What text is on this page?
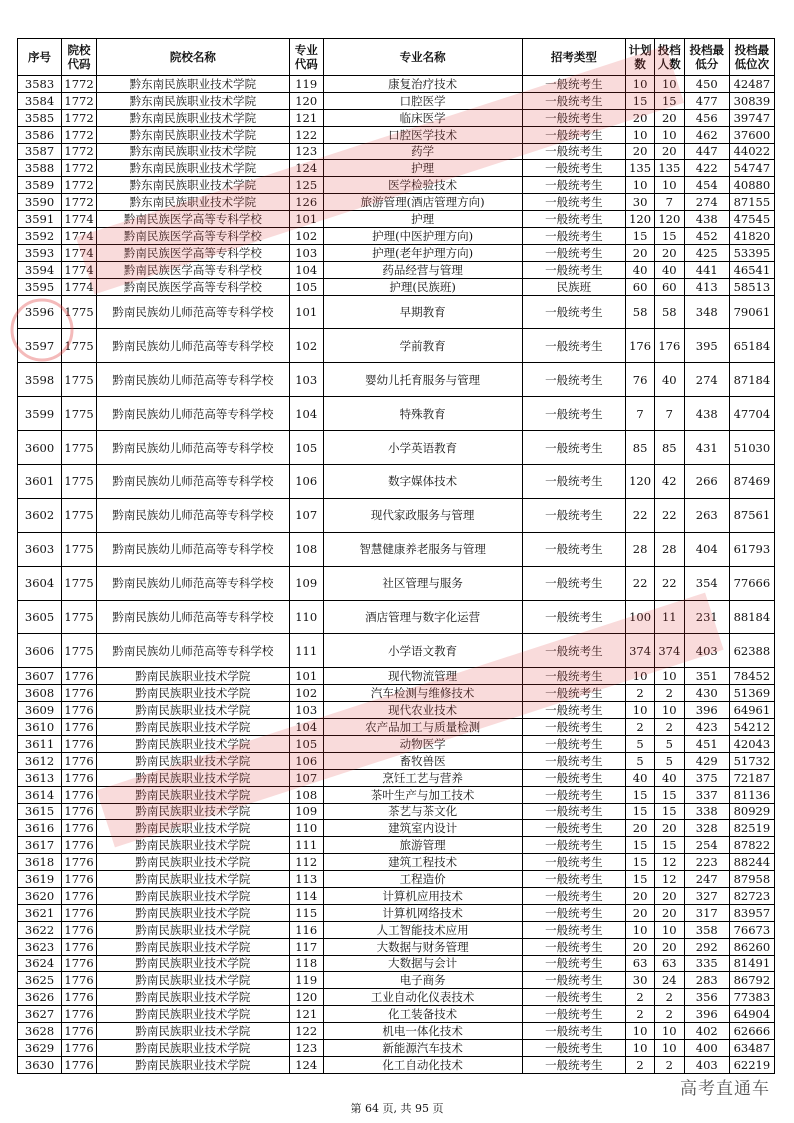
序号	院校代码	院校名称	专业代码	专业名称	招考类型	计划数	投档人数	投档最低分	投档最低位次
3583	1772	黔东南民族职业技术学院	119	康复治疗技术	一般统考生	10	10	450	42487
3584	1772	黔东南民族职业技术学院	120	口腔医学	一般统考生	15	15	477	30839
3585	1772	黔东南民族职业技术学院	121	临床医学	一般统考生	20	20	456	39747
3586	1772	黔东南民族职业技术学院	122	口腔医学技术	一般统考生	10	10	462	37600
3587	1772	黔东南民族职业技术学院	123	药学	一般统考生	20	20	447	44022
3588	1772	黔东南民族职业技术学院	124	护理	一般统考生	135	135	422	54747
3589	1772	黔东南民族职业技术学院	125	医学检验技术	一般统考生	10	10	454	40880
3590	1772	黔东南民族职业技术学院	126	旅游管理(酒店管理方向)	一般统考生	30	7	274	87155
3591	1774	黔南民族医学高等专科学校	101	护理	一般统考生	120	120	438	47545
3592	1774	黔南民族医学高等专科学校	102	护理(中医护理方向)	一般统考生	15	15	452	41820
3593	1774	黔南民族医学高等专科学校	103	护理(老年护理方向)	一般统考生	20	20	425	53395
3594	1774	黔南民族医学高等专科学校	104	药品经营与管理	一般统考生	40	40	441	46541
3595	1774	黔南民族医学高等专科学校	105	护理(民族班)	民族班	60	60	413	58513
3596	1775	黔南民族幼儿师范高等专科学校	101	早期教育	一般统考生	58	58	348	79061
3597	1775	黔南民族幼儿师范高等专科学校	102	学前教育	一般统考生	176	176	395	65184
3598	1775	黔南民族幼儿师范高等专科学校	103	婴幼儿托育服务与管理	一般统考生	76	40	274	87184
3599	1775	黔南民族幼儿师范高等专科学校	104	特殊教育	一般统考生	7	7	438	47704
3600	1775	黔南民族幼儿师范高等专科学校	105	小学英语教育	一般统考生	85	85	431	51030
3601	1775	黔南民族幼儿师范高等专科学校	106	数字媒体技术	一般统考生	120	42	266	87469
3602	1775	黔南民族幼儿师范高等专科学校	107	现代家政服务与管理	一般统考生	22	22	263	87561
3603	1775	黔南民族幼儿师范高等专科学校	108	智慧健康养老服务与管理	一般统考生	28	28	404	61793
3604	1775	黔南民族幼儿师范高等专科学校	109	社区管理与服务	一般统考生	22	22	354	77666
3605	1775	黔南民族幼儿师范高等专科学校	110	酒店管理与数字化运营	一般统考生	100	11	231	88184
3606	1775	黔南民族幼儿师范高等专科学校	111	小学语文教育	一般统考生	374	374	403	62388
3607	1776	黔南民族职业技术学院	101	现代物流管理	一般统考生	10	10	351	78452
3608	1776	黔南民族职业技术学院	102	汽车检测与维修技术	一般统考生	2	2	430	51369
3609	1776	黔南民族职业技术学院	103	现代农业技术	一般统考生	10	10	396	64961
3610	1776	黔南民族职业技术学院	104	农产品加工与质量检测	一般统考生	2	2	423	54212
3611	1776	黔南民族职业技术学院	105	动物医学	一般统考生	5	5	451	42043
3612	1776	黔南民族职业技术学院	106	畜牧兽医	一般统考生	5	5	429	51732
3613	1776	黔南民族职业技术学院	107	烹饪工艺与营养	一般统考生	40	40	375	72187
3614	1776	黔南民族职业技术学院	108	茶叶生产与加工技术	一般统考生	15	15	337	81136
3615	1776	黔南民族职业技术学院	109	茶艺与茶文化	一般统考生	15	15	338	80929
3616	1776	黔南民族职业技术学院	110	建筑室内设计	一般统考生	20	20	328	82519
3617	1776	黔南民族职业技术学院	111	旅游管理	一般统考生	15	15	254	87822
3618	1776	黔南民族职业技术学院	112	建筑工程技术	一般统考生	15	12	223	88244
3619	1776	黔南民族职业技术学院	113	工程造价	一般统考生	15	12	247	87958
3620	1776	黔南民族职业技术学院	114	计算机应用技术	一般统考生	20	20	327	82723
3621	1776	黔南民族职业技术学院	115	计算机网络技术	一般统考生	20	20	317	83957
3622	1776	黔南民族职业技术学院	116	人工智能技术应用	一般统考生	10	10	358	76673
3623	1776	黔南民族职业技术学院	117	大数据与财务管理	一般统考生	20	20	292	86260
3624	1776	黔南民族职业技术学院	118	大数据与会计	一般统考生	63	63	335	81491
3625	1776	黔南民族职业技术学院	119	电子商务	一般统考生	30	24	283	86792
3626	1776	黔南民族职业技术学院	120	工业自动化仪表技术	一般统考生	2	2	356	77383
3627	1776	黔南民族职业技术学院	121	化工装备技术	一般统考生	2	2	396	64904
3628	1776	黔南民族职业技术学院	122	机电一体化技术	一般统考生	10	10	402	62666
3629	1776	黔南民族职业技术学院	123	新能源汽车技术	一般统考生	10	10	400	63487
3630	1776	黔南民族职业技术学院	124	化工自动化技术	一般统考生	2	2	403	62219
高考直通车
第 64 页, 共 95 页
